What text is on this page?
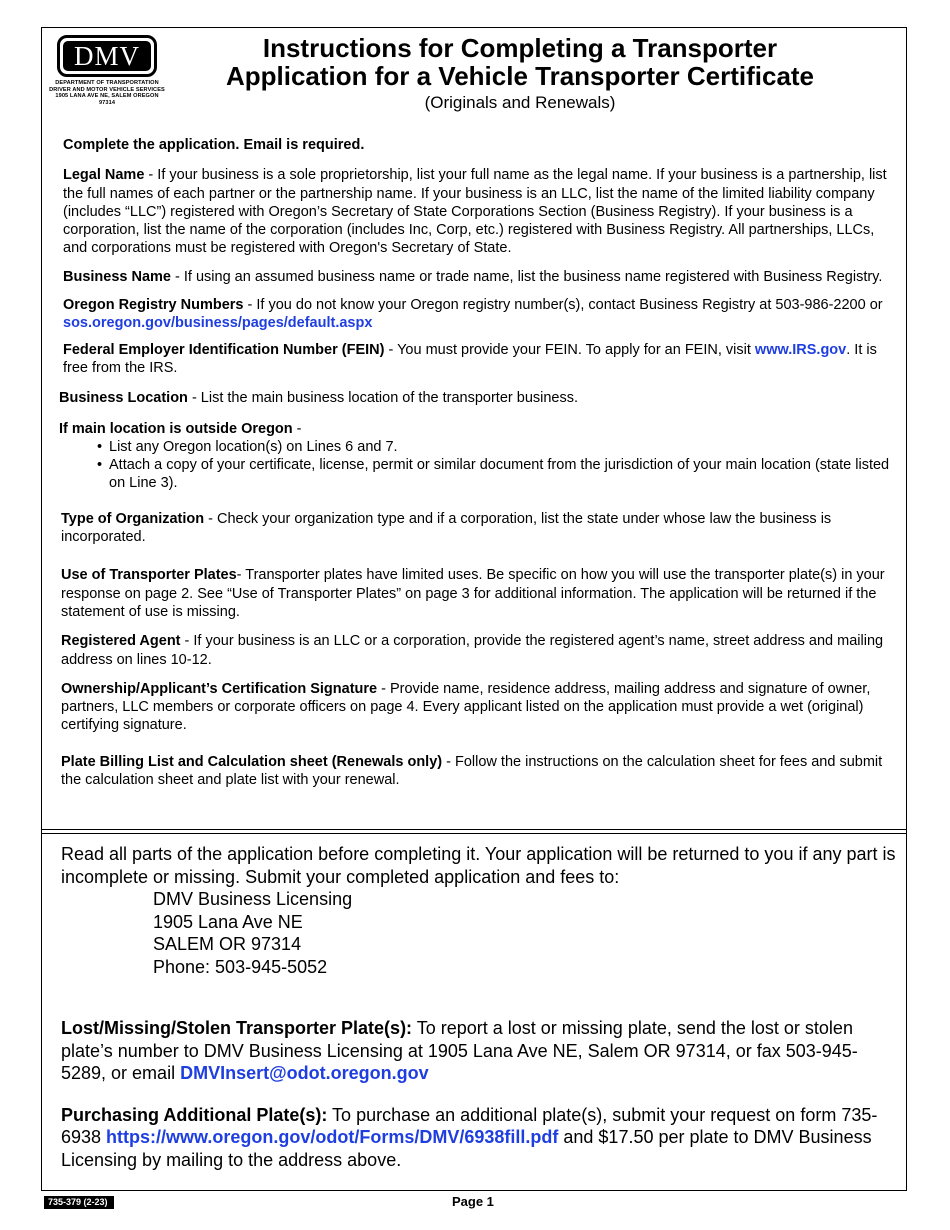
DMV
DEPARTMENT OF TRANSPORTATION
DRIVER AND MOTOR VEHICLE SERVICES
1905 LANA AVE NE, SALEM OREGON 97314
Instructions for Completing a Transporter
Application for a Vehicle Transporter Certificate
(Originals and Renewals)

Complete the application. Email is required.

Legal Name - If your business is a sole proprietorship, list your full name as the legal name. If your business is a partnership, list the full names of each partner or the partnership name. If your business is an LLC, list the name of the limited liability company (includes “LLC”) registered with Oregon’s Secretary of State Corporations Section (Business Registry). If your business is a corporation, list the name of the corporation (includes Inc, Corp, etc.) registered with Business Registry. All partnerships, LLCs, and corporations must be registered with Oregon's Secretary of State.

Business Name - If using an assumed business name or trade name, list the business name registered with Business Registry.

Oregon Registry Numbers - If you do not know your Oregon registry number(s), contact Business Registry at 503-986-2200 or sos.oregon.gov/business/pages/default.aspx

Federal Employer Identification Number (FEIN) - You must provide your FEIN. To apply for an FEIN, visit www.IRS.gov. It is free from the IRS.

Business Location - List the main business location of the transporter business.

If main location is outside Oregon -

• List any Oregon location(s) on Lines 6 and 7.
• Attach a copy of your certificate, license, permit or similar document from the jurisdiction of your main location (state listed on Line 3).

Type of Organization - Check your organization type and if a corporation, list the state under whose law the business is incorporated.

Use of Transporter Plates- Transporter plates have limited uses. Be specific on how you will use the transporter plate(s) in your response on page 2. See “Use of Transporter Plates” on page 3 for additional information. The application will be returned if the statement of use is missing.

Registered Agent - If your business is an LLC or a corporation, provide the registered agent’s name, street address and mailing address on lines 10-12.

Ownership/Applicant’s Certification Signature - Provide name, residence address, mailing address and signature of owner, partners, LLC members or corporate officers on page 4. Every applicant listed on the application must provide a wet (original) certifying signature.

Plate Billing List and Calculation sheet (Renewals only) - Follow the instructions on the calculation sheet for fees and submit the calculation sheet and plate list with your renewal.

Read all parts of the application before completing it. Your application will be returned to you if any part is incomplete or missing. Submit your completed application and fees to:

DMV Business Licensing
1905 Lana Ave NE
SALEM OR 97314
Phone: 503-945-5052

Lost/Missing/Stolen Transporter Plate(s): To report a lost or missing plate, send the lost or stolen plate’s number to DMV Business Licensing at 1905 Lana Ave NE, Salem OR 97314, or fax 503-945-5289, or email DMVInsert@odot.oregon.gov

Purchasing Additional Plate(s): To purchase an additional plate(s), submit your request on form 735-6938 https://www.oregon.gov/odot/Forms/DMV/6938fill.pdf and $17.50 per plate to DMV Business Licensing by mailing to the address above.

735-379 (2-23)	Page 1
